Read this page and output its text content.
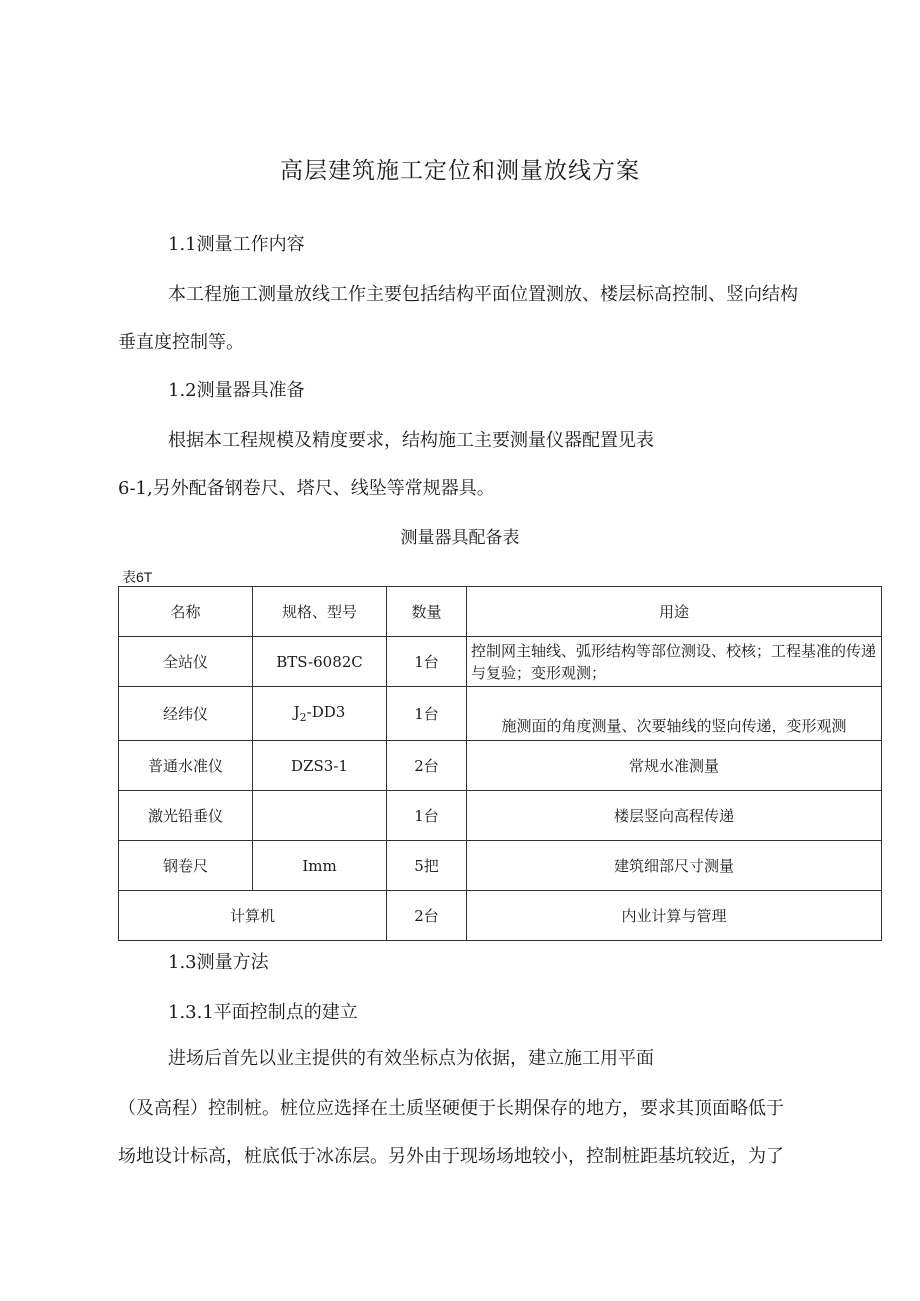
高层建筑施工定位和测量放线方案

1.1测量工作内容

本工程施工测量放线工作主要包括结构平面位置测放、楼层标高控制、竖向结构

垂直度控制等。

1.2测量器具准备

根据本工程规模及精度要求，结构施工主要测量仪器配置见表

6-1,另外配备钢卷尺、塔尺、线坠等常规器具。

测量器具配备表

表6T

名称	规格、型号	数量	用途
全站仪	BTS-6082C	1台	控制网主轴线、弧形结构等部位测设、校核；工程基准的传递与复验；变形观测；
经纬仪	$J_2-DD3$	1台	施测面的角度测量、次要轴线的竖向传递，变形观测
普通水准仪	DZS3-1	2台	常规水准测量
激光铅垂仪		1台	楼层竖向高程传递
钢卷尺	Imm	5把	建筑细部尺寸测量
计算机		2台	内业计算与管理

1.3测量方法

1.3.1平面控制点的建立

进场后首先以业主提供的有效坐标点为依据，建立施工用平面

（及高程）控制桩。桩位应选择在土质坚硬便于长期保存的地方，要求其顶面略低于

场地设计标高，桩底低于冰冻层。另外由于现场场地较小，控制桩距基坑较近，为了
